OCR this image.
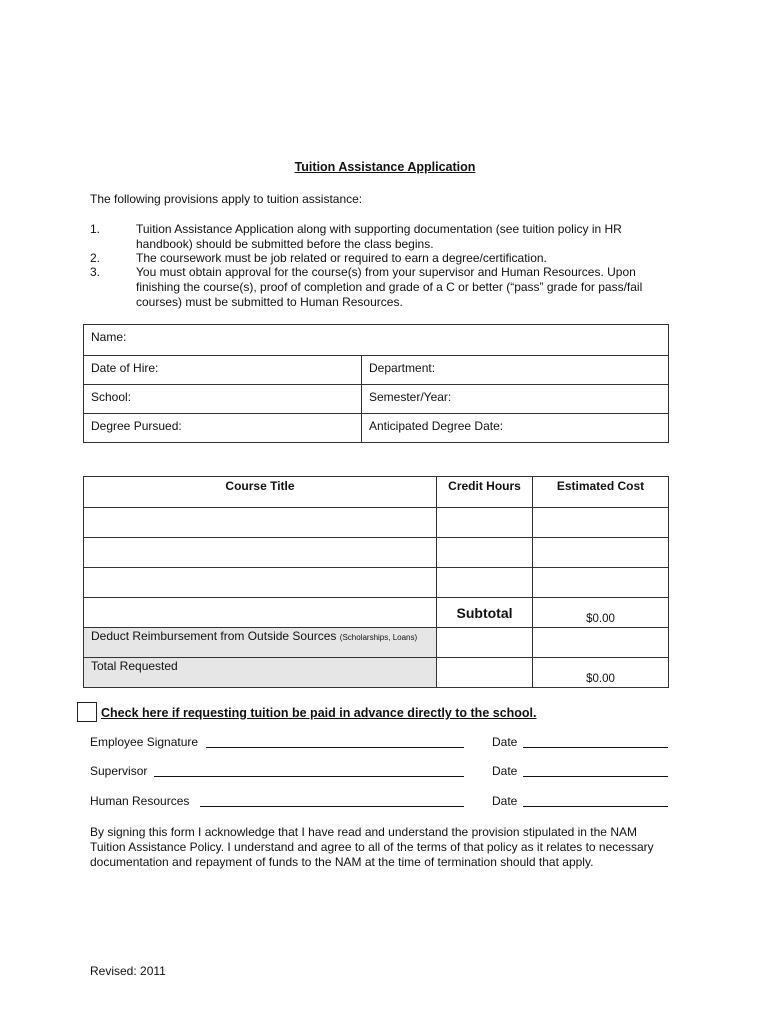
Tuition Assistance Application
The following provisions apply to tuition assistance:
1.	Tuition Assistance Application along with supporting documentation (see tuition policy in HR handbook) should be submitted before the class begins.
2.	The coursework must be job related or required to earn a degree/certification.
3.	You must obtain approval for the course(s) from your supervisor and Human Resources. Upon finishing the course(s), proof of completion and grade of a C or better (“pass” grade for pass/fail courses) must be submitted to Human Resources.
Name:	
Date of Hire:	Department:
School:	Semester/Year:
Degree Pursued:	Anticipated Degree Date:
Course Title	Credit Hours	Estimated Cost

	Subtotal	$0.00
Deduct Reimbursement from Outside Sources (Scholarships, Loans)		
Total Requested		$0.00
Check here if requesting tuition be paid in advance directly to the school.
Employee Signature	Date
Supervisor	Date
Human Resources	Date
By signing this form I acknowledge that I have read and understand the provision stipulated in the NAM Tuition Assistance Policy. I understand and agree to all of the terms of that policy as it relates to necessary documentation and repayment of funds to the NAM at the time of termination should that apply.
Revised: 2011
